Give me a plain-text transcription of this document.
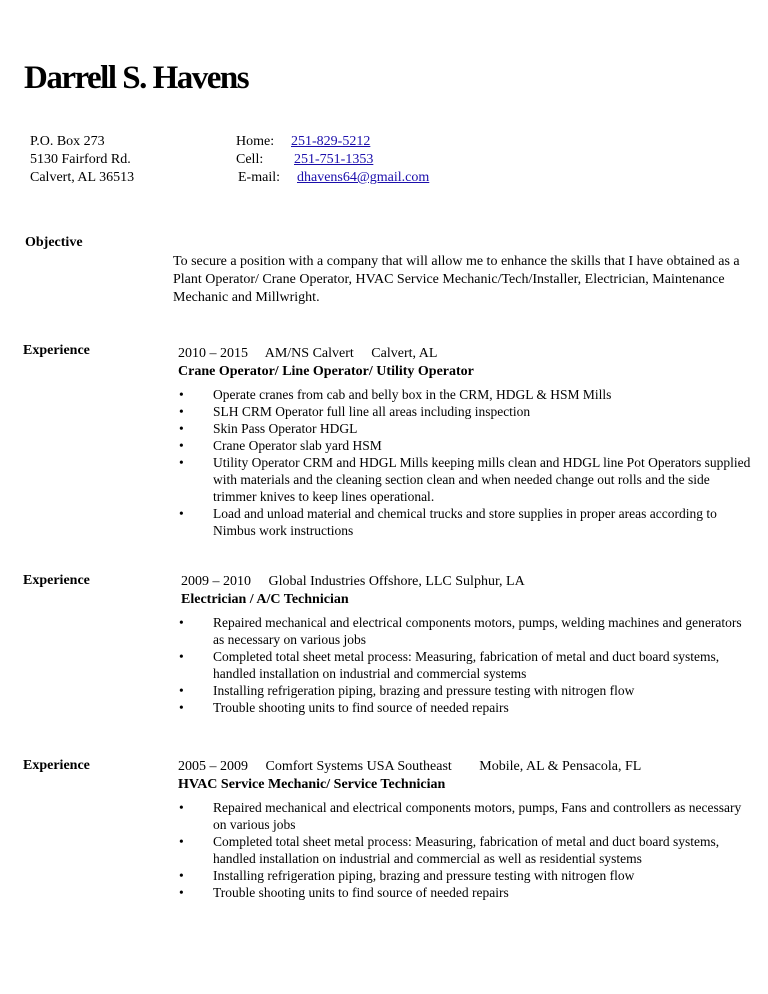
Darrell S. Havens
P.O. Box 273
5130 Fairford Rd.
Calvert, AL 36513
Home: 251-829-5212
Cell: 251-751-1353
E-mail: dhavens64@gmail.com
Objective
To secure a position with a company that will allow me to enhance the skills that I have obtained as a Plant Operator/ Crane Operator, HVAC Service Mechanic/Tech/Installer, Electrician, Maintenance Mechanic and Millwright.
Experience	2010 – 2015 AM/NS Calvert Calvert, AL
Crane Operator/ Line Operator/ Utility Operator
• Operate cranes from cab and belly box in the CRM, HDGL & HSM Mills
• SLH CRM Operator full line all areas including inspection
• Skin Pass Operator HDGL
• Crane Operator slab yard HSM
• Utility Operator CRM and HDGL Mills keeping mills clean and HDGL line Pot Operators supplied with materials and the cleaning section clean and when needed change out rolls and the side trimmer knives to keep lines operational.
• Load and unload material and chemical trucks and store supplies in proper areas according to Nimbus work instructions
Experience	2009 – 2010 Global Industries Offshore, LLC Sulphur, LA
Electrician / A/C Technician
• Repaired mechanical and electrical components motors, pumps, welding machines and generators as necessary on various jobs
• Completed total sheet metal process: Measuring, fabrication of metal and duct board systems, handled installation on industrial and commercial systems
• Installing refrigeration piping, brazing and pressure testing with nitrogen flow
• Trouble shooting units to find source of needed repairs
Experience	2005 – 2009 Comfort Systems USA Southeast Mobile, AL & Pensacola, FL
HVAC Service Mechanic/ Service Technician
• Repaired mechanical and electrical components motors, pumps, Fans and controllers as necessary on various jobs
• Completed total sheet metal process: Measuring, fabrication of metal and duct board systems, handled installation on industrial and commercial as well as residential systems
• Installing refrigeration piping, brazing and pressure testing with nitrogen flow
• Trouble shooting units to find source of needed repairs
